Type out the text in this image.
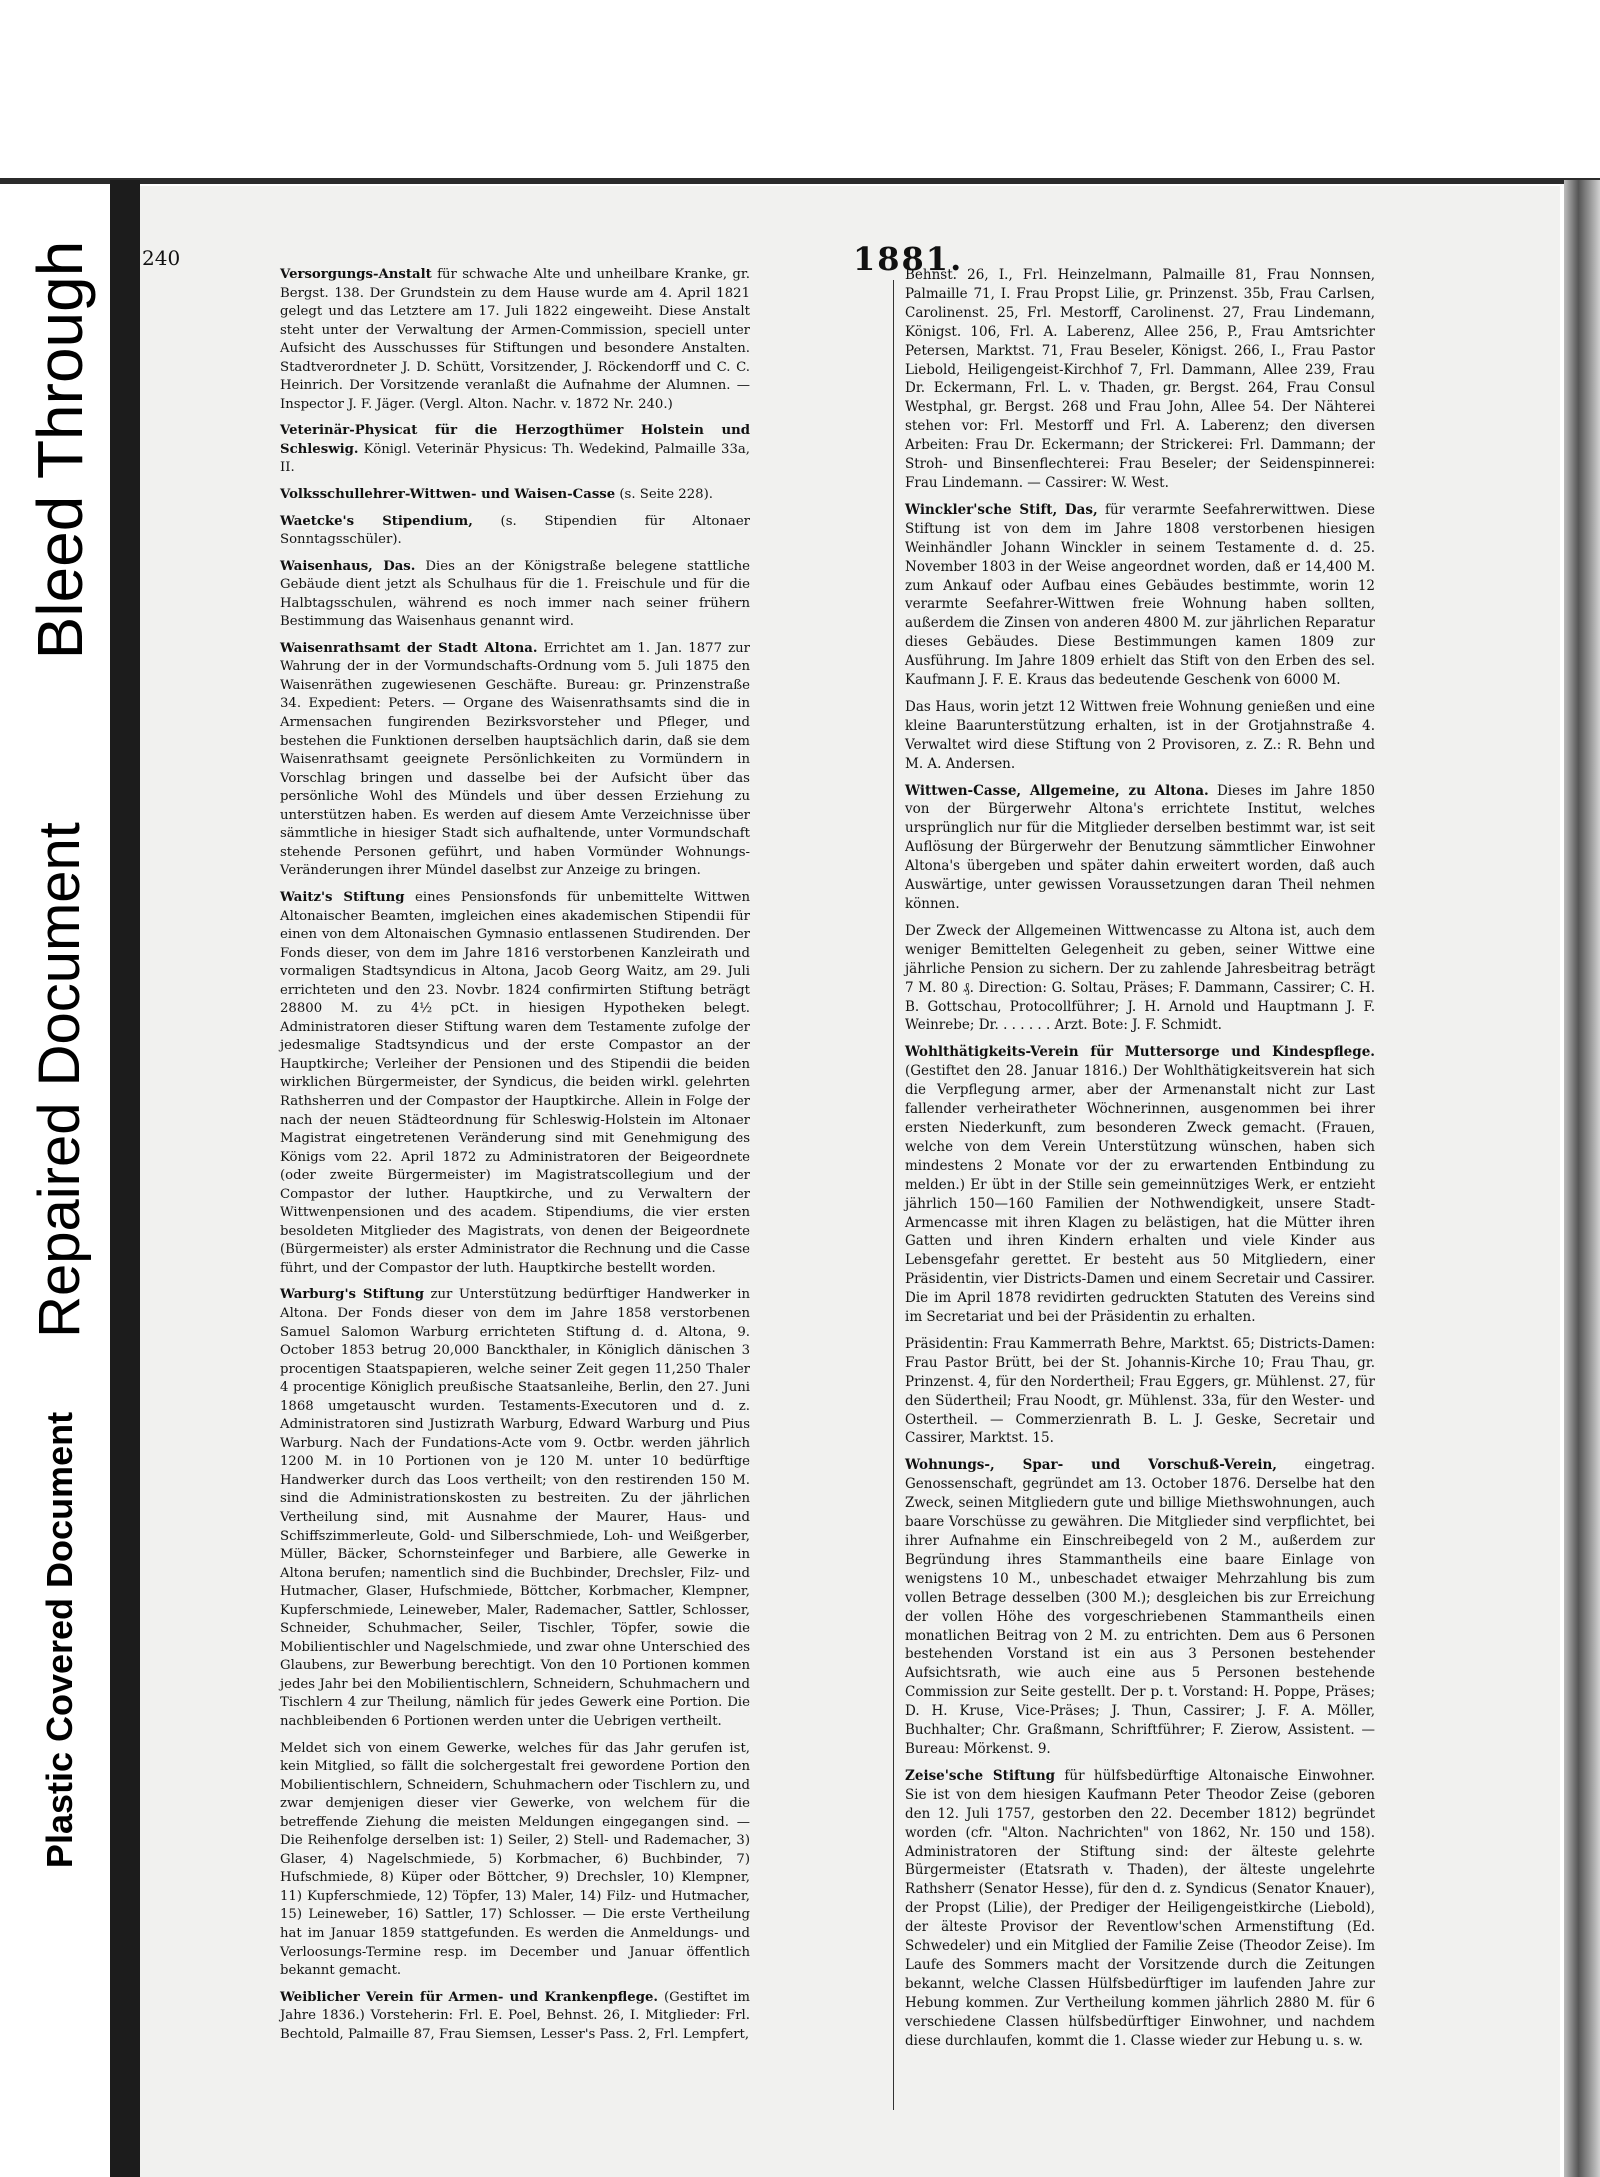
Bleed Through
Repaired Document
Plastic Covered Document
240	1881.

Versorgungs-Anstalt für schwache Alte und unheilbare Kranke, gr. Bergst. 138. Der Grundstein zu dem Hause wurde am 4. April 1821 gelegt und das Letztere am 17. Juli 1822 eingeweiht. Diese Anstalt steht unter der Verwaltung der Armen-Commission, speciell unter Aufsicht des Ausschusses für Stiftungen und besondere Anstalten. Stadtverordneter J. D. Schütt, Vorsitzender, J. Röckendorff und C. C. Heinrich. Der Vorsitzende veranlaßt die Aufnahme der Alumnen. — Inspector J. F. Jäger. (Vergl. Alton. Nachr. v. 1872 Nr. 240.)

Veterinär-Physicat für die Herzogthümer Holstein und Schleswig. Königl. Veterinär Physicus: Th. Wedekind, Palmaille 33a, II.

Volksschullehrer-Wittwen- und Waisen-Casse (s. Seite 228).

Waetcke's Stipendium, (s. Stipendien für Altonaer Sonntagsschüler).

Waisenhaus, Das. Dies an der Königstraße belegene stattliche Gebäude dient jetzt als Schulhaus für die 1. Freischule und für die Halbtagsschulen, während es noch immer nach seiner frühern Bestimmung das Waisenhaus genannt wird.

Waisenrathsamt der Stadt Altona. Errichtet am 1. Jan. 1877 zur Wahrung der in der Vormundschafts-Ordnung vom 5. Juli 1875 den Waisenräthen zugewiesenen Geschäfte. Bureau: gr. Prinzenstraße 34. Expedient: Peters. — Organe des Waisenrathsamts sind die in Armensachen fungirenden Bezirksvorsteher und Pfleger, und bestehen die Funktionen derselben hauptsächlich darin, daß sie dem Waisenrathsamt geeignete Persönlichkeiten zu Vormündern in Vorschlag bringen und dasselbe bei der Aufsicht über das persönliche Wohl des Mündels und über dessen Erziehung zu unterstützen haben. Es werden auf diesem Amte Verzeichnisse über sämmtliche in hiesiger Stadt sich aufhaltende, unter Vormundschaft stehende Personen geführt, und haben Vormünder Wohnungs-Veränderungen ihrer Mündel daselbst zur Anzeige zu bringen.

Waitz's Stiftung eines Pensionsfonds für unbemittelte Wittwen Altonaischer Beamten, imgleichen eines akademischen Stipendii für einen von dem Altonaischen Gymnasio entlassenen Studirenden. Der Fonds dieser, von dem im Jahre 1816 verstorbenen Kanzleirath und vormaligen Stadtsyndicus in Altona, Jacob Georg Waitz, am 29. Juli errichteten und den 23. Novbr. 1824 confirmirten Stiftung beträgt 28800 M. zu 4½ pCt. in hiesigen Hypotheken belegt. Administratoren dieser Stiftung waren dem Testamente zufolge der jedesmalige Stadtsyndicus und der erste Compastor an der Hauptkirche; Verleiher der Pensionen und des Stipendii die beiden wirklichen Bürgermeister, der Syndicus, die beiden wirkl. gelehrten Rathsherren und der Compastor der Hauptkirche. Allein in Folge der nach der neuen Städteordnung für Schleswig-Holstein im Altonaer Magistrat eingetretenen Veränderung sind mit Genehmigung des Königs vom 22. April 1872 zu Administratoren der Beigeordnete (oder zweite Bürgermeister) im Magistratscollegium und der Compastor der luther. Hauptkirche, und zu Verwaltern der Wittwenpensionen und des academ. Stipendiums, die vier ersten besoldeten Mitglieder des Magistrats, von denen der Beigeordnete (Bürgermeister) als erster Administrator die Rechnung und die Casse führt, und der Compastor der luth. Hauptkirche bestellt worden.

Warburg's Stiftung zur Unterstützung bedürftiger Handwerker in Altona. Der Fonds dieser von dem im Jahre 1858 verstorbenen Samuel Salomon Warburg errichteten Stiftung d. d. Altona, 9. October 1853 betrug 20,000 Banckthaler, in Königlich dänischen 3 procentigen Staatspapieren, welche seiner Zeit gegen 11,250 Thaler 4 procentige Königlich preußische Staatsanleihe, Berlin, den 27. Juni 1868 umgetauscht wurden. Testaments-Executoren und d. z. Administratoren sind Justizrath Warburg, Edward Warburg und Pius Warburg. Nach der Fundations-Acte vom 9. Octbr. werden jährlich 1200 M. in 10 Portionen von je 120 M. unter 10 bedürftige Handwerker durch das Loos vertheilt; von den restirenden 150 M. sind die Administrationskosten zu bestreiten. Zu der jährlichen Vertheilung sind, mit Ausnahme der Maurer, Haus- und Schiffszimmerleute, Gold- und Silberschmiede, Loh- und Weißgerber, Müller, Bäcker, Schornsteinfeger und Barbiere, alle Gewerke in Altona berufen; namentlich sind die Buchbinder, Drechsler, Filz- und Hutmacher, Glaser, Hufschmiede, Böttcher, Korbmacher, Klempner, Kupferschmiede, Leineweber, Maler, Rademacher, Sattler, Schlosser, Schneider, Schuhmacher, Seiler, Tischler, Töpfer, sowie die Mobilientischler und Nagelschmiede, und zwar ohne Unterschied des Glaubens, zur Bewerbung berechtigt. Von den 10 Portionen kommen jedes Jahr bei den Mobilientischlern, Schneidern, Schuhmachern und Tischlern 4 zur Theilung, nämlich für jedes Gewerk eine Portion. Die nachbleibenden 6 Portionen werden unter die Uebrigen vertheilt.

Meldet sich von einem Gewerke, welches für das Jahr gerufen ist, kein Mitglied, so fällt die solchergestalt frei gewordene Portion den Mobilientischlern, Schneidern, Schuhmachern oder Tischlern zu, und zwar demjenigen dieser vier Gewerke, von welchem für die betreffende Ziehung die meisten Meldungen eingegangen sind. — Die Reihenfolge derselben ist: 1) Seiler, 2) Stell- und Rademacher, 3) Glaser, 4) Nagelschmiede, 5) Korbmacher, 6) Buchbinder, 7) Hufschmiede, 8) Küper oder Böttcher, 9) Drechsler, 10) Klempner, 11) Kupferschmiede, 12) Töpfer, 13) Maler, 14) Filz- und Hutmacher, 15) Leineweber, 16) Sattler, 17) Schlosser. — Die erste Vertheilung hat im Januar 1859 stattgefunden. Es werden die Anmeldungs- und Verloosungs-Termine resp. im December und Januar öffentlich bekannt gemacht.

Weiblicher Verein für Armen- und Krankenpflege. (Gestiftet im Jahre 1836.) Vorsteherin: Frl. E. Poel, Behnst. 26, I. Mitglieder: Frl. Bechtold, Palmaille 87, Frau Siemsen, Lesser's Pass. 2, Frl. Lempfert,

Behnst. 26, I., Frl. Heinzelmann, Palmaille 81, Frau Nonnsen, Palmaille 71, I. Frau Propst Lilie, gr. Prinzenst. 35b, Frau Carlsen, Carolinenst. 25, Frl. Mestorff, Carolinenst. 27, Frau Lindemann, Königst. 106, Frl. A. Laberenz, Allee 256, P., Frau Amtsrichter Petersen, Marktst. 71, Frau Beseler, Königst. 266, I., Frau Pastor Liebold, Heiligengeist-Kirchhof 7, Frl. Dammann, Allee 239, Frau Dr. Eckermann, Frl. L. v. Thaden, gr. Bergst. 264, Frau Consul Westphal, gr. Bergst. 268 und Frau John, Allee 54. Der Nähterei stehen vor: Frl. Mestorff und Frl. A. Laberenz; den diversen Arbeiten: Frau Dr. Eckermann; der Strickerei: Frl. Dammann; der Stroh- und Binsenflechterei: Frau Beseler; der Seidenspinnerei: Frau Lindemann. — Cassirer: W. West.

Winckler'sche Stift, Das, für verarmte Seefahrerwittwen. Diese Stiftung ist von dem im Jahre 1808 verstorbenen hiesigen Weinhändler Johann Winckler in seinem Testamente d. d. 25. November 1803 in der Weise angeordnet worden, daß er 14,400 M. zum Ankauf oder Aufbau eines Gebäudes bestimmte, worin 12 verarmte Seefahrer-Wittwen freie Wohnung haben sollten, außerdem die Zinsen von anderen 4800 M. zur jährlichen Reparatur dieses Gebäudes. Diese Bestimmungen kamen 1809 zur Ausführung. Im Jahre 1809 erhielt das Stift von den Erben des sel. Kaufmann J. F. E. Kraus das bedeutende Geschenk von 6000 M.

Das Haus, worin jetzt 12 Wittwen freie Wohnung genießen und eine kleine Baarunterstützung erhalten, ist in der Grotjahnstraße 4. Verwaltet wird diese Stiftung von 2 Provisoren, z. Z.: R. Behn und M. A. Andersen.

Wittwen-Casse, Allgemeine, zu Altona. Dieses im Jahre 1850 von der Bürgerwehr Altona's errichtete Institut, welches ursprünglich nur für die Mitglieder derselben bestimmt war, ist seit Auflösung der Bürgerwehr der Benutzung sämmtlicher Einwohner Altona's übergeben und später dahin erweitert worden, daß auch Auswärtige, unter gewissen Voraussetzungen daran Theil nehmen können.

Der Zweck der Allgemeinen Wittwencasse zu Altona ist, auch dem weniger Bemittelten Gelegenheit zu geben, seiner Wittwe eine jährliche Pension zu sichern. Der zu zahlende Jahresbeitrag beträgt 7 M. 80 ₰. Direction: G. Soltau, Präses; F. Dammann, Cassirer; C. H. B. Gottschau, Protocollführer; J. H. Arnold und Hauptmann J. F. Weinrebe; Dr. . . . . . . Arzt. Bote: J. F. Schmidt.

Wohlthätigkeits-Verein für Muttersorge und Kindespflege. (Gestiftet den 28. Januar 1816.) Der Wohlthätigkeitsverein hat sich die Verpflegung armer, aber der Armenanstalt nicht zur Last fallender verheiratheter Wöchnerinnen, ausgenommen bei ihrer ersten Niederkunft, zum besonderen Zweck gemacht. (Frauen, welche von dem Verein Unterstützung wünschen, haben sich mindestens 2 Monate vor der zu erwartenden Entbindung zu melden.) Er übt in der Stille sein gemeinnütziges Werk, er entzieht jährlich 150—160 Familien der Nothwendigkeit, unsere Stadt-Armencasse mit ihren Klagen zu belästigen, hat die Mütter ihren Gatten und ihren Kindern erhalten und viele Kinder aus Lebensgefahr gerettet. Er besteht aus 50 Mitgliedern, einer Präsidentin, vier Districts-Damen und einem Secretair und Cassirer. Die im April 1878 revidirten gedruckten Statuten des Vereins sind im Secretariat und bei der Präsidentin zu erhalten.

Präsidentin: Frau Kammerrath Behre, Marktst. 65; Districts-Damen: Frau Pastor Brütt, bei der St. Johannis-Kirche 10; Frau Thau, gr. Prinzenst. 4, für den Nordertheil; Frau Eggers, gr. Mühlenst. 27, für den Südertheil; Frau Noodt, gr. Mühlenst. 33a, für den Wester- und Ostertheil. — Commerzienrath B. L. J. Geske, Secretair und Cassirer, Marktst. 15.

Wohnungs-, Spar- und Vorschuß-Verein, eingetrag. Genossenschaft, gegründet am 13. October 1876. Derselbe hat den Zweck, seinen Mitgliedern gute und billige Miethswohnungen, auch baare Vorschüsse zu gewähren. Die Mitglieder sind verpflichtet, bei ihrer Aufnahme ein Einschreibegeld von 2 M., außerdem zur Begründung ihres Stammantheils eine baare Einlage von wenigstens 10 M., unbeschadet etwaiger Mehrzahlung bis zum vollen Betrage desselben (300 M.); desgleichen bis zur Erreichung der vollen Höhe des vorgeschriebenen Stammantheils einen monatlichen Beitrag von 2 M. zu entrichten. Dem aus 6 Personen bestehenden Vorstand ist ein aus 3 Personen bestehender Aufsichtsrath, wie auch eine aus 5 Personen bestehende Commission zur Seite gestellt. Der p. t. Vorstand: H. Poppe, Präses; D. H. Kruse, Vice-Präses; J. Thun, Cassirer; J. F. A. Möller, Buchhalter; Chr. Graßmann, Schriftführer; F. Zierow, Assistent. — Bureau: Mörkenst. 9.

Zeise'sche Stiftung für hülfsbedürftige Altonaische Einwohner. Sie ist von dem hiesigen Kaufmann Peter Theodor Zeise (geboren den 12. Juli 1757, gestorben den 22. December 1812) begründet worden (cfr. "Alton. Nachrichten" von 1862, Nr. 150 und 158). Administratoren der Stiftung sind: der älteste gelehrte Bürgermeister (Etatsrath v. Thaden), der älteste ungelehrte Rathsherr (Senator Hesse), für den d. z. Syndicus (Senator Knauer), der Propst (Lilie), der Prediger der Heiligengeistkirche (Liebold), der älteste Provisor der Reventlow'schen Armenstiftung (Ed. Schwedeler) und ein Mitglied der Familie Zeise (Theodor Zeise). Im Laufe des Sommers macht der Vorsitzende durch die Zeitungen bekannt, welche Classen Hülfsbedürftiger im laufenden Jahre zur Hebung kommen. Zur Vertheilung kommen jährlich 2880 M. für 6 verschiedene Classen hülfsbedürftiger Einwohner, und nachdem diese durchlaufen, kommt die 1. Classe wieder zur Hebung u. s. w.
